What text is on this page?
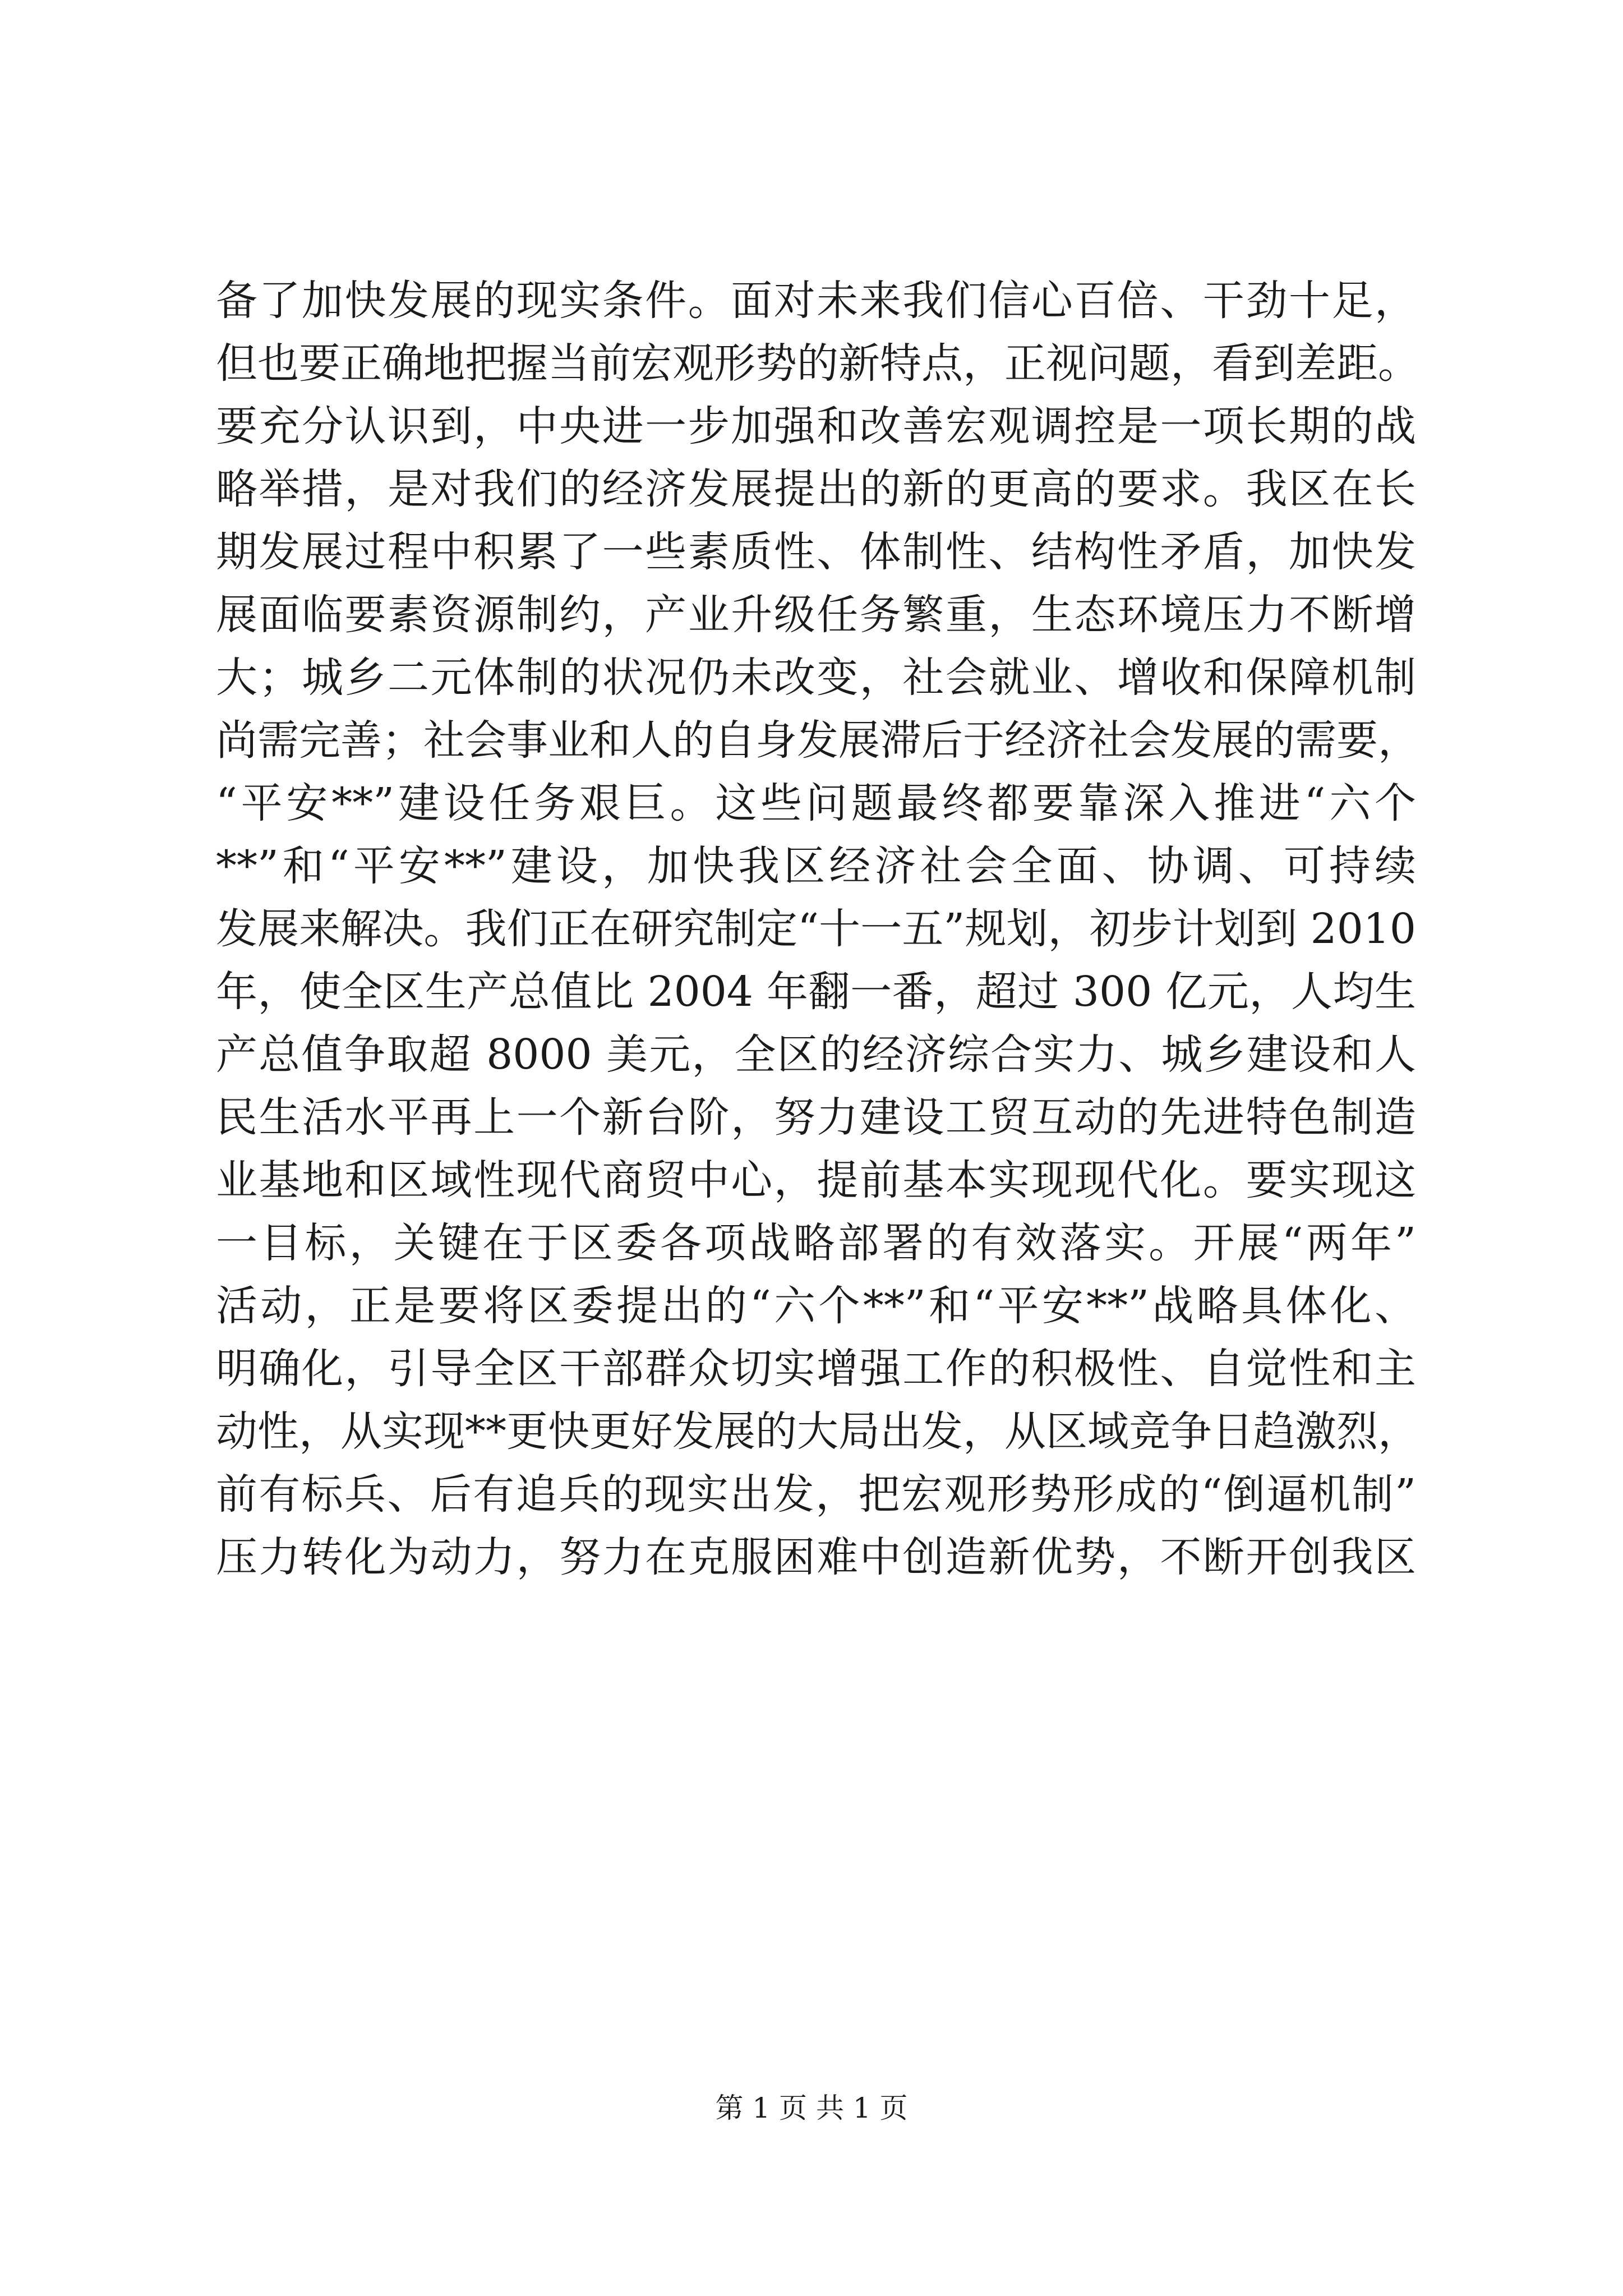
备了加快发展的现实条件。面对未来我们信心百倍、干劲十足，
但也要正确地把握当前宏观形势的新特点，正视问题，看到差距。
要充分认识到，中央进一步加强和改善宏观调控是一项长期的战
略举措，是对我们的经济发展提出的新的更高的要求。我区在长
期发展过程中积累了一些素质性、体制性、结构性矛盾，加快发
展面临要素资源制约，产业升级任务繁重，生态环境压力不断增
大；城乡二元体制的状况仍未改变，社会就业、增收和保障机制
尚需完善；社会事业和人的自身发展滞后于经济社会发展的需要，
“平安**”建设任务艰巨。这些问题最终都要靠深入推进“六个
**”和“平安**”建设，加快我区经济社会全面、协调、可持续
发展来解决。我们正在研究制定“十一五”规划，初步计划到 2010
年，使全区生产总值比 2004 年翻一番，超过 300 亿元，人均生
产总值争取超 8000 美元，全区的经济综合实力、城乡建设和人
民生活水平再上一个新台阶，努力建设工贸互动的先进特色制造
业基地和区域性现代商贸中心，提前基本实现现代化。要实现这
一目标，关键在于区委各项战略部署的有效落实。开展“两年”
活动，正是要将区委提出的“六个**”和“平安**”战略具体化、
明确化，引导全区干部群众切实增强工作的积极性、自觉性和主
动性，从实现**更快更好发展的大局出发，从区域竞争日趋激烈，
前有标兵、后有追兵的现实出发，把宏观形势形成的“倒逼机制”
压力转化为动力，努力在克服困难中创造新优势，不断开创我区
第 1 页 共 1 页
